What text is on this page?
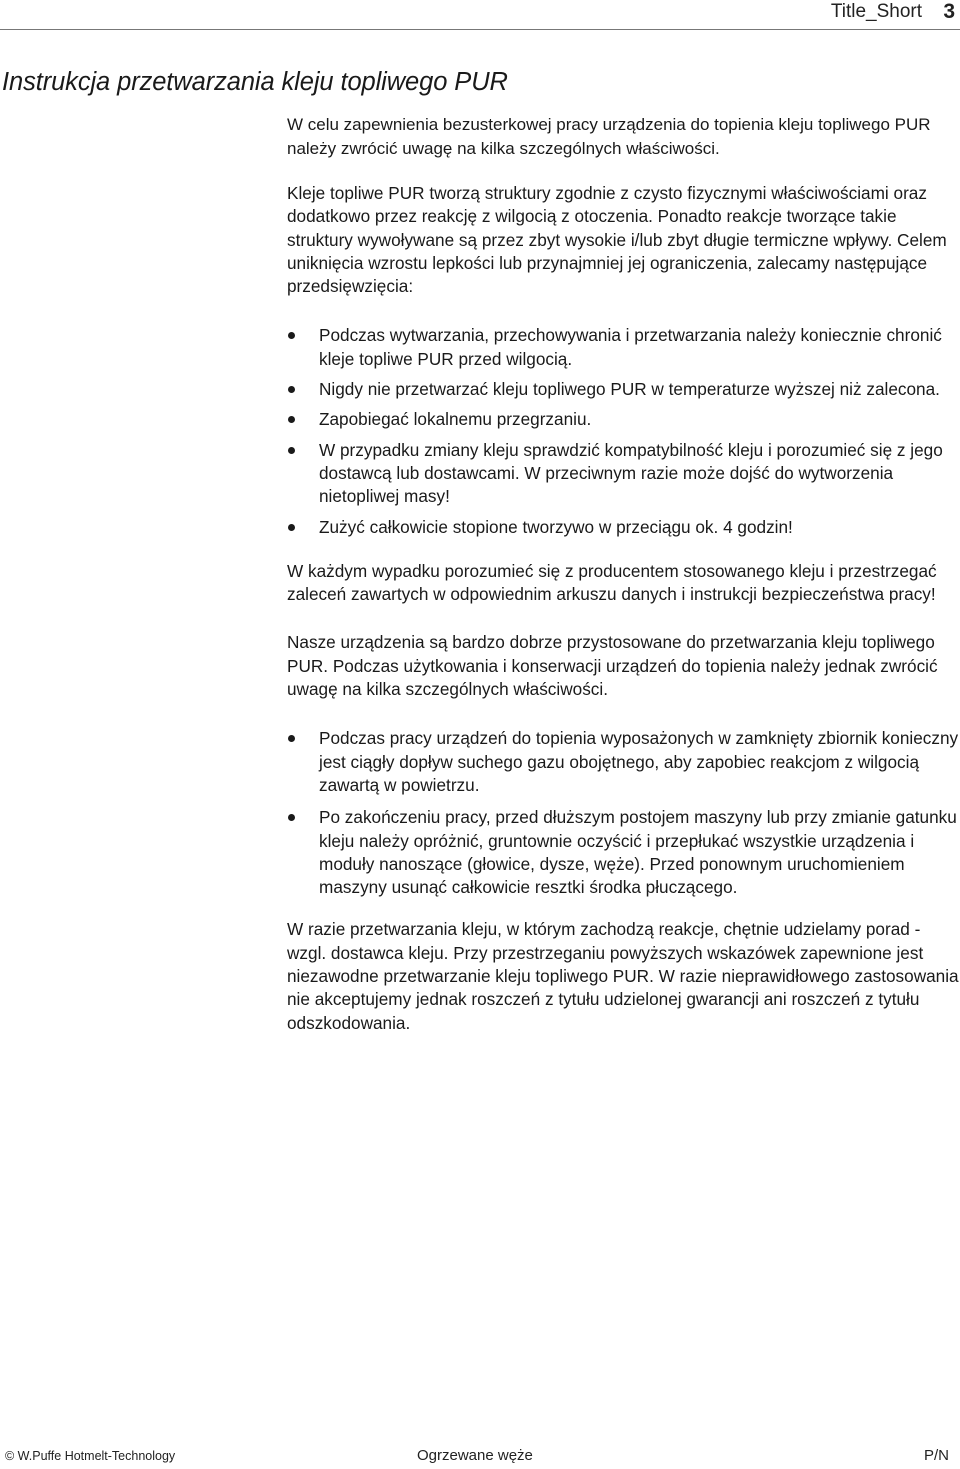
Title_Short 3
Instrukcja przetwarzania kleju topliwego PUR

W celu zapewnienia bezusterkowej pracy urządzenia do topienia kleju topliwego PUR należy zwrócić uwagę na kilka szczególnych właściwości.

Kleje topliwe PUR tworzą struktury zgodnie z czysto fizycznymi właściwościami oraz dodatkowo przez reakcję z wilgocią z otoczenia. Ponadto reakcje tworzące takie struktury wywoływane są przez zbyt wysokie i/lub zbyt długie termiczne wpływy. Celem uniknięcia wzrostu lepkości lub przynajmniej jej ograniczenia, zalecamy następujące przedsięwzięcia:

Podczas wytwarzania, przechowywania i przetwarzania należy koniecznie chronić kleje topliwe PUR przed wilgocią.
Nigdy nie przetwarzać kleju topliwego PUR w temperaturze wyższej niż zalecona.
Zapobiegać lokalnemu przegrzaniu.
W przypadku zmiany kleju sprawdzić kompatybilność kleju i porozumieć się z jego dostawcą lub dostawcami. W przeciwnym razie może dojść do wytworzenia nietopliwej masy!
Zużyć całkowicie stopione tworzywo w przeciągu ok. 4 godzin!

W każdym wypadku porozumieć się z producentem stosowanego kleju i przestrzegać zaleceń zawartych w odpowiednim arkuszu danych i instrukcji bezpieczeństwa pracy!

Nasze urządzenia są bardzo dobrze przystosowane do przetwarzania kleju topliwego PUR. Podczas użytkowania i konserwacji urządzeń do topienia należy jednak zwrócić uwagę na kilka szczególnych właściwości.

Podczas pracy urządzeń do topienia wyposażonych w zamknięty zbiornik konieczny jest ciągły dopływ suchego gazu obojętnego, aby zapobiec reakcjom z wilgocią zawartą w powietrzu.
Po zakończeniu pracy, przed dłuższym postojem maszyny lub przy zmianie gatunku kleju należy opróżnić, gruntownie oczyścić i przepłukać wszystkie urządzenia i moduły nanoszące (głowice, dysze, węże). Przed ponownym uruchomieniem maszyny usunąć całkowicie resztki środka płuczącego.

W razie przetwarzania kleju, w którym zachodzą reakcje, chętnie udzielamy porad - wzgl. dostawca kleju. Przy przestrzeganiu powyższych wskazówek zapewnione jest niezawodne przetwarzanie kleju topliwego PUR. W razie nieprawidłowego zastosowania nie akceptujemy jednak roszczeń z tytułu udzielonej gwarancji ani roszczeń z tytułu odszkodowania.

© W.Puffe Hotmelt-Technology	Ogrzewane węże	P/N
